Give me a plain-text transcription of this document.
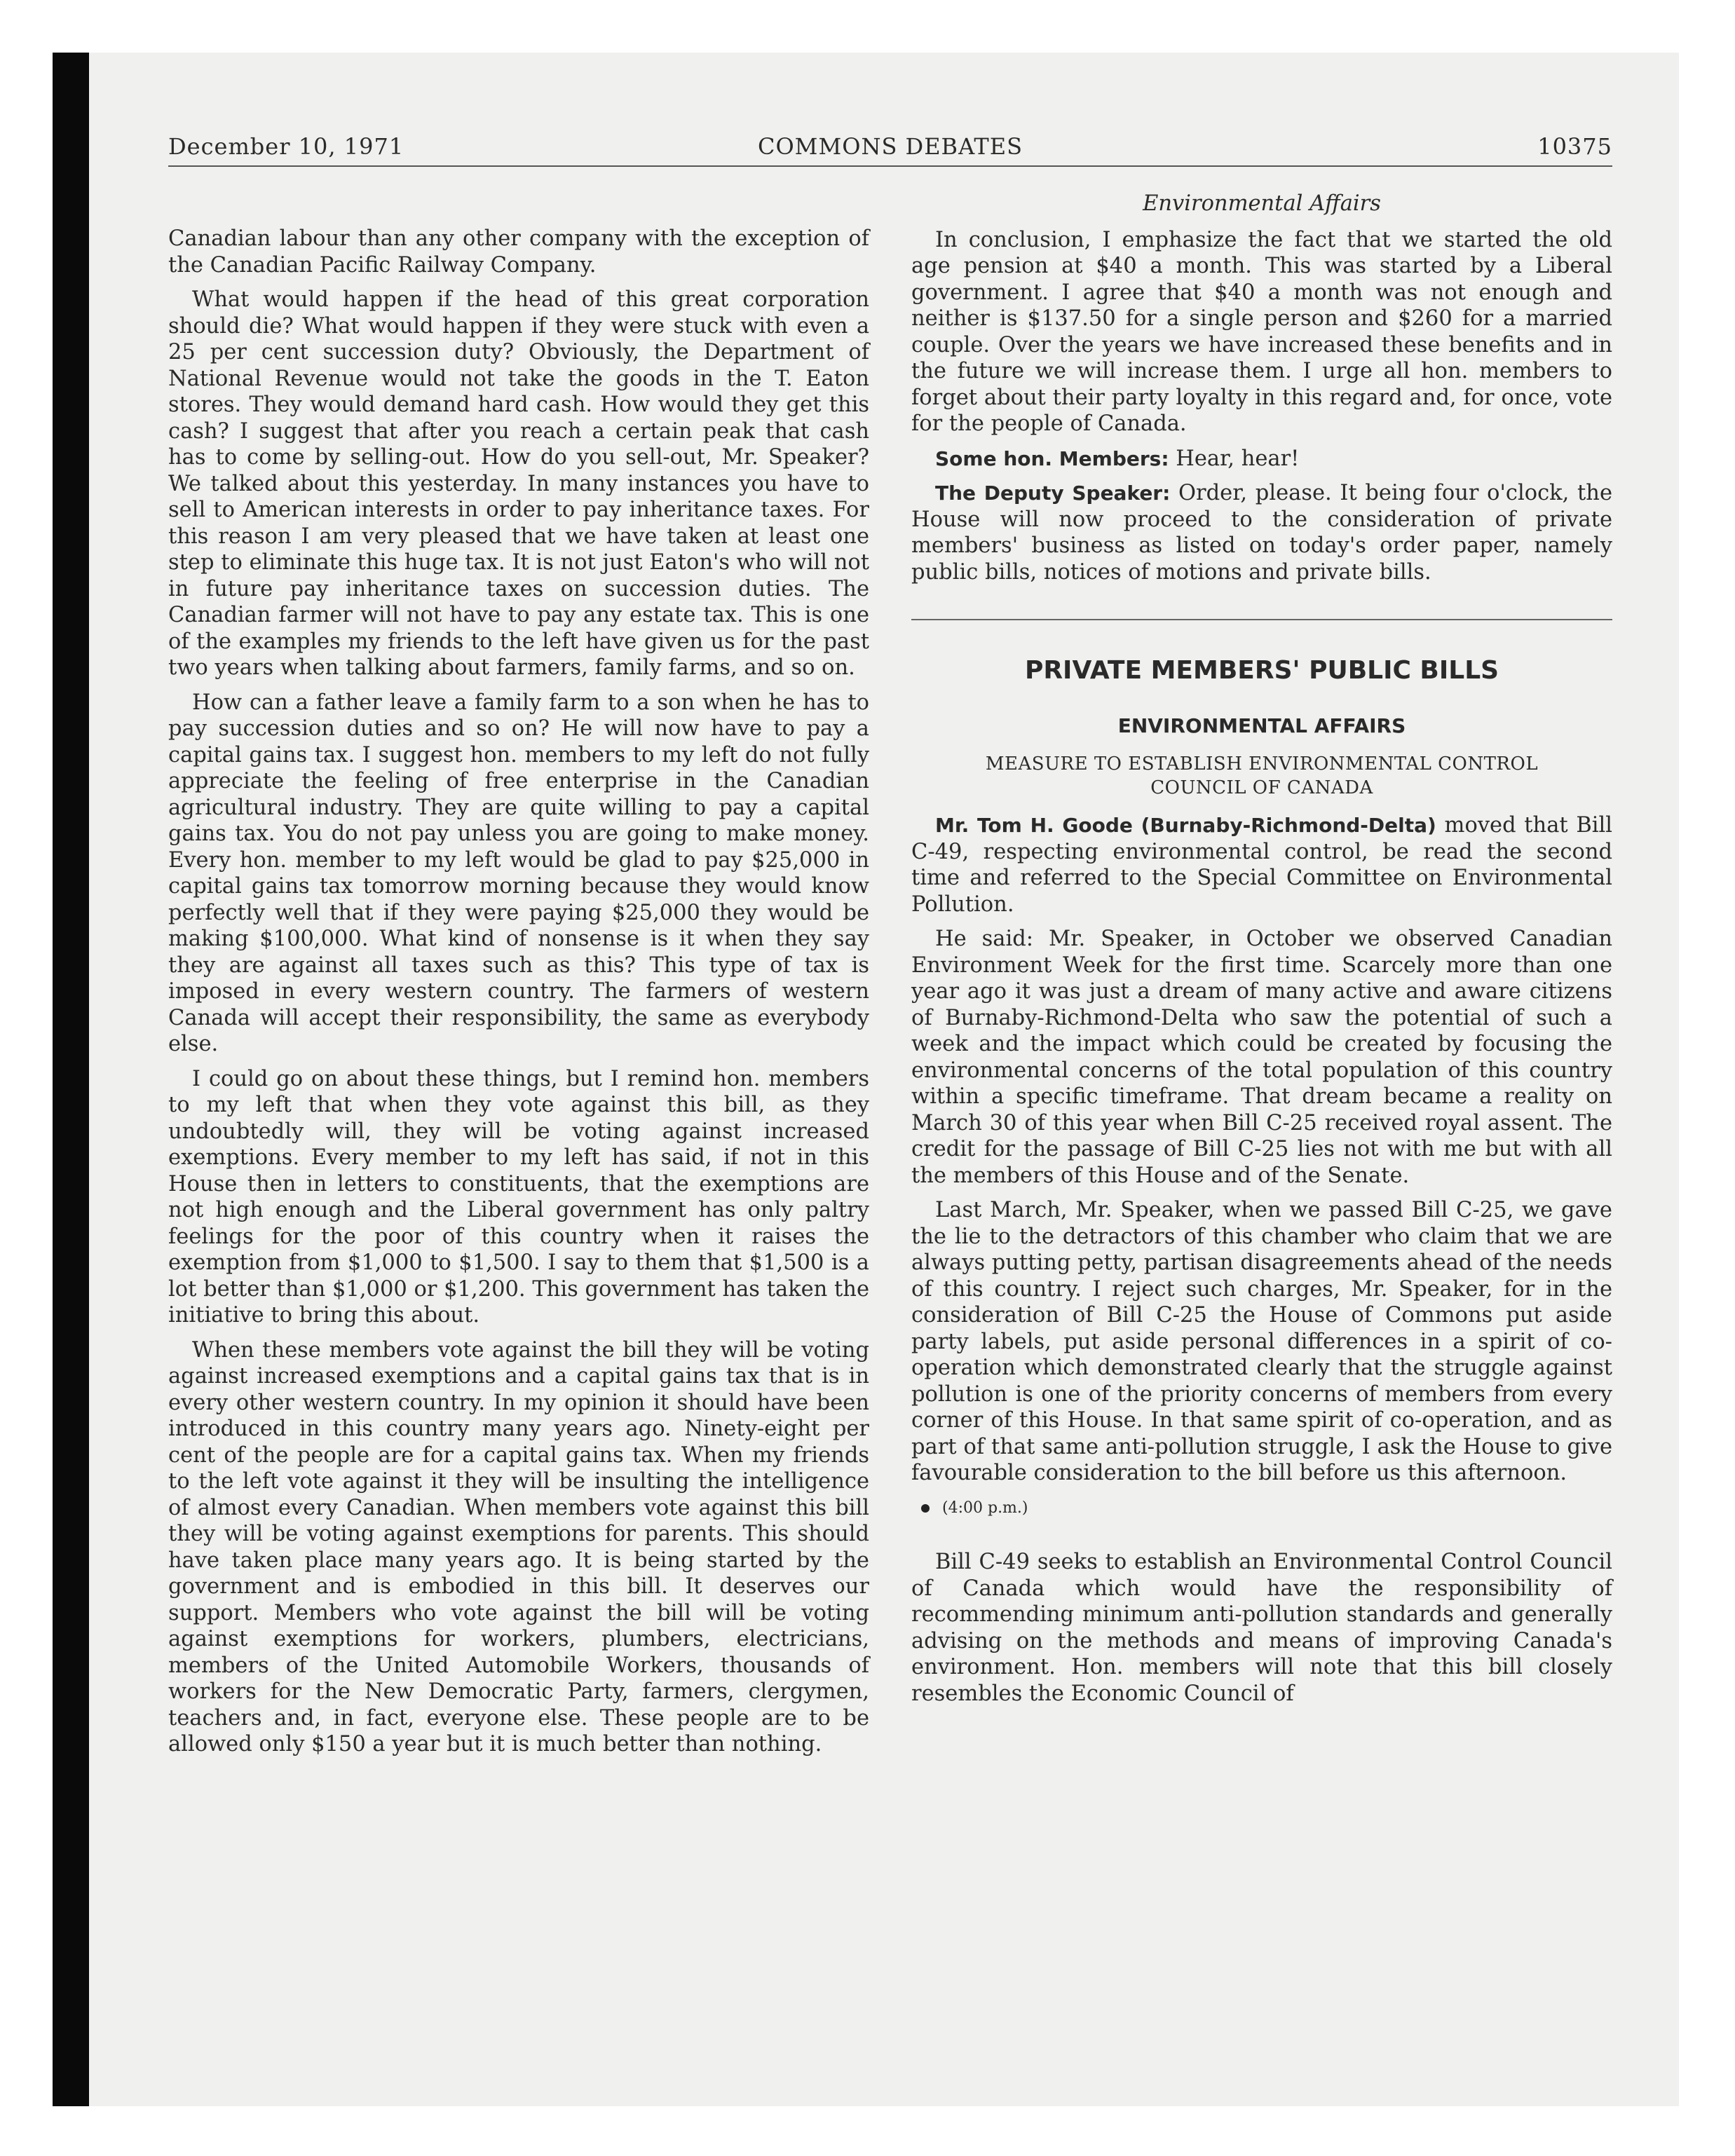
December 10, 1971	COMMONS DEBATES	10375

Canadian labour than any other company with the exception of the Canadian Pacific Railway Company.

What would happen if the head of this great corporation should die? What would happen if they were stuck with even a 25 per cent succession duty? Obviously, the Department of National Revenue would not take the goods in the T. Eaton stores. They would demand hard cash. How would they get this cash? I suggest that after you reach a certain peak that cash has to come by selling-out. How do you sell-out, Mr. Speaker? We talked about this yesterday. In many instances you have to sell to American interests in order to pay inheritance taxes. For this reason I am very pleased that we have taken at least one step to eliminate this huge tax. It is not just Eaton's who will not in future pay inheritance taxes on succession duties. The Canadian farmer will not have to pay any estate tax. This is one of the examples my friends to the left have given us for the past two years when talking about farmers, family farms, and so on.

How can a father leave a family farm to a son when he has to pay succession duties and so on? He will now have to pay a capital gains tax. I suggest hon. members to my left do not fully appreciate the feeling of free enterprise in the Canadian agricultural industry. They are quite willing to pay a capital gains tax. You do not pay unless you are going to make money. Every hon. member to my left would be glad to pay $25,000 in capital gains tax tomorrow morning because they would know perfectly well that if they were paying $25,000 they would be making $100,000. What kind of nonsense is it when they say they are against all taxes such as this? This type of tax is imposed in every western country. The farmers of western Canada will accept their responsibility, the same as everybody else.

I could go on about these things, but I remind hon. members to my left that when they vote against this bill, as they undoubtedly will, they will be voting against increased exemptions. Every member to my left has said, if not in this House then in letters to constituents, that the exemptions are not high enough and the Liberal government has only paltry feelings for the poor of this country when it raises the exemption from $1,000 to $1,500. I say to them that $1,500 is a lot better than $1,000 or $1,200. This government has taken the initiative to bring this about.

When these members vote against the bill they will be voting against increased exemptions and a capital gains tax that is in every other western country. In my opinion it should have been introduced in this country many years ago. Ninety-eight per cent of the people are for a capital gains tax. When my friends to the left vote against it they will be insulting the intelligence of almost every Canadian. When members vote against this bill they will be voting against exemptions for parents. This should have taken place many years ago. It is being started by the government and is embodied in this bill. It deserves our support. Members who vote against the bill will be voting against exemptions for workers, plumbers, electricians, members of the United Automobile Workers, thousands of workers for the New Democratic Party, farmers, clergymen, teachers and, in fact, everyone else. These people are to be allowed only $150 a year but it is much better than nothing.

Environmental Affairs

In conclusion, I emphasize the fact that we started the old age pension at $40 a month. This was started by a Liberal government. I agree that $40 a month was not enough and neither is $137.50 for a single person and $260 for a married couple. Over the years we have increased these benefits and in the future we will increase them. I urge all hon. members to forget about their party loyalty in this regard and, for once, vote for the people of Canada.

Some hon. Members: Hear, hear!

The Deputy Speaker: Order, please. It being four o'clock, the House will now proceed to the consideration of private members' business as listed on today's order paper, namely public bills, notices of motions and private bills.

PRIVATE MEMBERS' PUBLIC BILLS
ENVIRONMENTAL AFFAIRS
MEASURE TO ESTABLISH ENVIRONMENTAL CONTROL
COUNCIL OF CANADA

Mr. Tom H. Goode (Burnaby-Richmond-Delta) moved that Bill C-49, respecting environmental control, be read the second time and referred to the Special Committee on Environmental Pollution.

He said: Mr. Speaker, in October we observed Canadian Environment Week for the first time. Scarcely more than one year ago it was just a dream of many active and aware citizens of Burnaby-Richmond-Delta who saw the potential of such a week and the impact which could be created by focusing the environmental concerns of the total population of this country within a specific timeframe. That dream became a reality on March 30 of this year when Bill C-25 received royal assent. The credit for the passage of Bill C-25 lies not with me but with all the members of this House and of the Senate.

Last March, Mr. Speaker, when we passed Bill C-25, we gave the lie to the detractors of this chamber who claim that we are always putting petty, partisan disagreements ahead of the needs of this country. I reject such charges, Mr. Speaker, for in the consideration of Bill C-25 the House of Commons put aside party labels, put aside personal differences in a spirit of co-operation which demonstrated clearly that the struggle against pollution is one of the priority concerns of members from every corner of this House. In that same spirit of co-operation, and as part of that same anti-pollution struggle, I ask the House to give favourable consideration to the bill before us this afternoon.

(4:00 p.m.)

Bill C-49 seeks to establish an Environmental Control Council of Canada which would have the responsibility of recommending minimum anti-pollution standards and generally advising on the methods and means of improving Canada's environment. Hon. members will note that this bill closely resembles the Economic Council of
